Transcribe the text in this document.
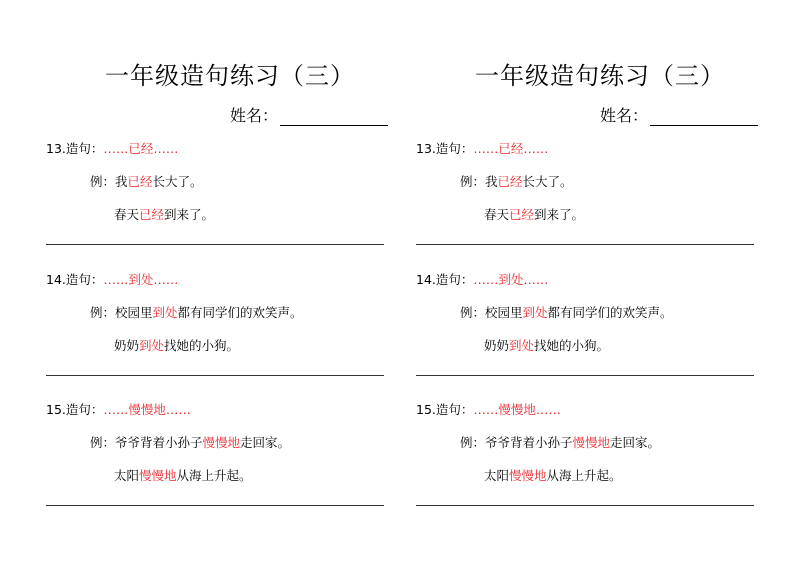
一年级造句练习（三）
姓名：
13.造句：……已经……
例：我已经长大了。
春天已经到来了。
14.造句：……到处……
例：校园里到处都有同学们的欢笑声。
奶奶到处找她的小狗。
15.造句：……慢慢地……
例：爷爷背着小孙子慢慢地走回家。
太阳慢慢地从海上升起。
一年级造句练习（三）
姓名：
13.造句：……已经……
例：我已经长大了。
春天已经到来了。
14.造句：……到处……
例：校园里到处都有同学们的欢笑声。
奶奶到处找她的小狗。
15.造句：……慢慢地……
例：爷爷背着小孙子慢慢地走回家。
太阳慢慢地从海上升起。
